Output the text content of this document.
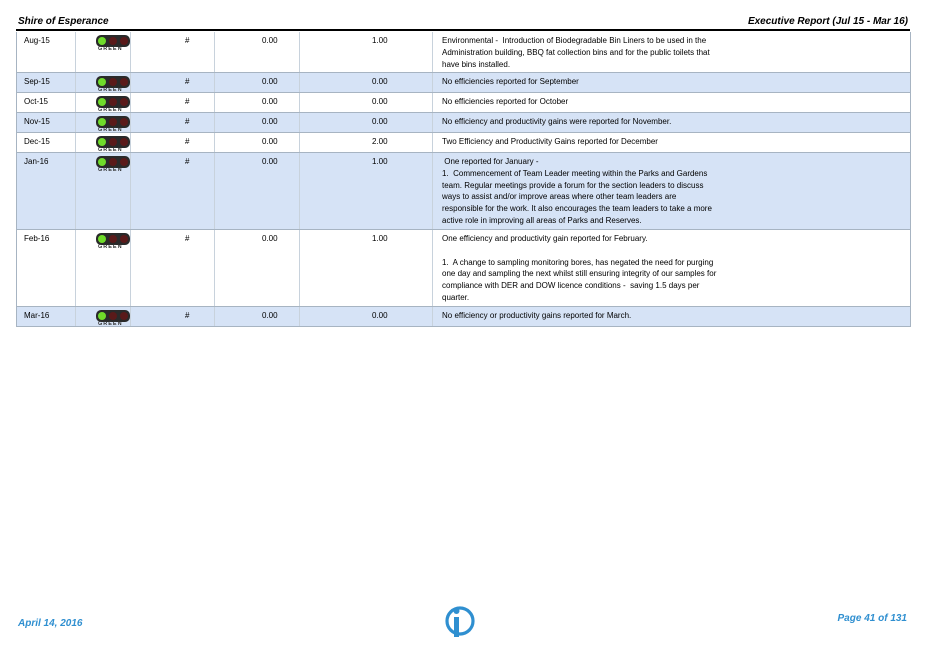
Shire of Esperance	Executive Report (Jul 15 - Mar 16)
Aug-15	#	0.00	1.00
GREEN
Environmental -  Introduction of Biodegradable Bin Liners to be used in the
Administration building, BBQ fat collection bins and for the public toilets that
have bins installed.
Sep-15	#	0.00	0.00
GREEN
No efficiencies reported for September
Oct-15	#	0.00	0.00
GREEN
No efficiencies reported for October
Nov-15	#	0.00	0.00
GREEN
No efficiency and productivity gains were reported for November.
Dec-15	#	0.00	2.00
GREEN
Two Efficiency and Productivity Gains reported for December
Jan-16	#	0.00	1.00
GREEN
One reported for January -
1.  Commencement of Team Leader meeting within the Parks and Gardens
team. Regular meetings provide a forum for the section leaders to discuss
ways to assist and/or improve areas where other team leaders are
responsible for the work. It also encourages the team leaders to take a more
active role in improving all areas of Parks and Reserves.
Feb-16	#	0.00	1.00
GREEN
One efficiency and productivity gain reported for February.
1.  A change to sampling monitoring bores, has negated the need for purging
one day and sampling the next whilst still ensuring integrity of our samples for
compliance with DER and DOW licence conditions -  saving 1.5 days per
quarter.
Mar-16	#	0.00	0.00
GREEN
No efficiency or productivity gains reported for March.
April 14, 2016	Page 41 of 131
